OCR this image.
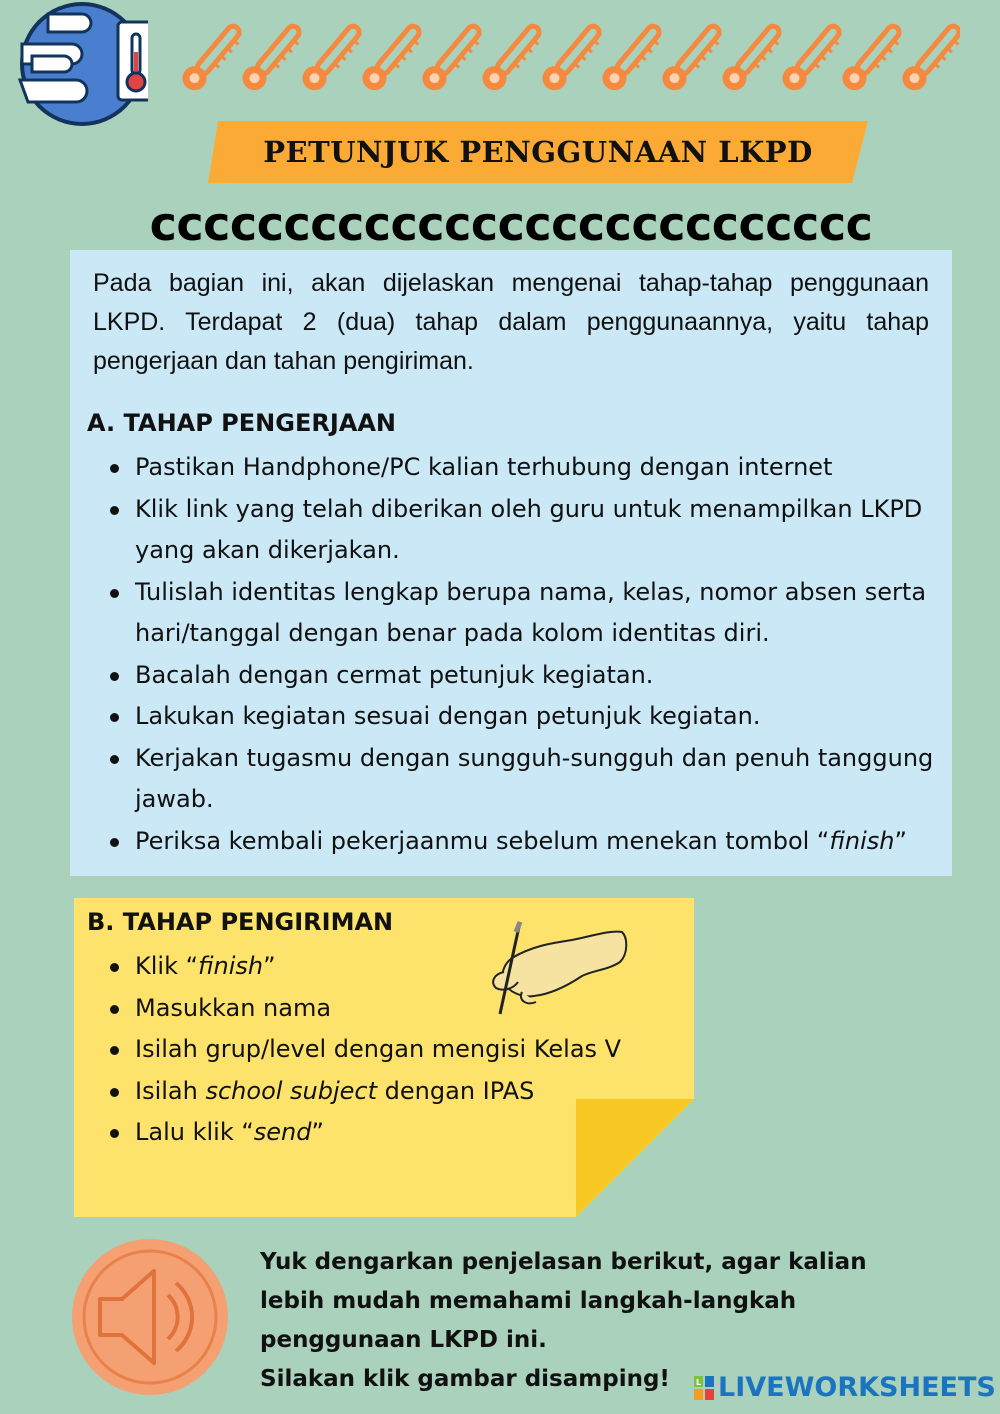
PETUNJUK PENGGUNAAN LKPD
ccccccccccccccccccccccccccc

Pada bagian ini, akan dijelaskan mengenai tahap-tahap penggunaan LKPD. Terdapat 2 (dua) tahap dalam penggunaannya, yaitu tahap pengerjaan dan tahan pengiriman.

A. TAHAP PENGERJAAN
Pastikan Handphone/PC kalian terhubung dengan internet
Klik link yang telah diberikan oleh guru untuk menampilkan LKPD yang akan dikerjakan.
Tulislah identitas lengkap berupa nama, kelas, nomor absen serta hari/tanggal dengan benar pada kolom identitas diri.
Bacalah dengan cermat petunjuk kegiatan.
Lakukan kegiatan sesuai dengan petunjuk kegiatan.
Kerjakan tugasmu dengan sungguh-sungguh dan penuh tanggung jawab.
Periksa kembali pekerjaanmu sebelum menekan tombol “finish”
B. TAHAP PENGIRIMAN
Klik “finish”
Masukkan nama
Isilah grup/level dengan mengisi Kelas V
Isilah school subject dengan IPAS
Lalu klik “send”

Yuk dengarkan penjelasan berikut, agar kalian
lebih mudah memahami langkah-langkah
penggunaan LKPD ini.
Silakan klik gambar disamping!	L LIVEWORKSHEETS
